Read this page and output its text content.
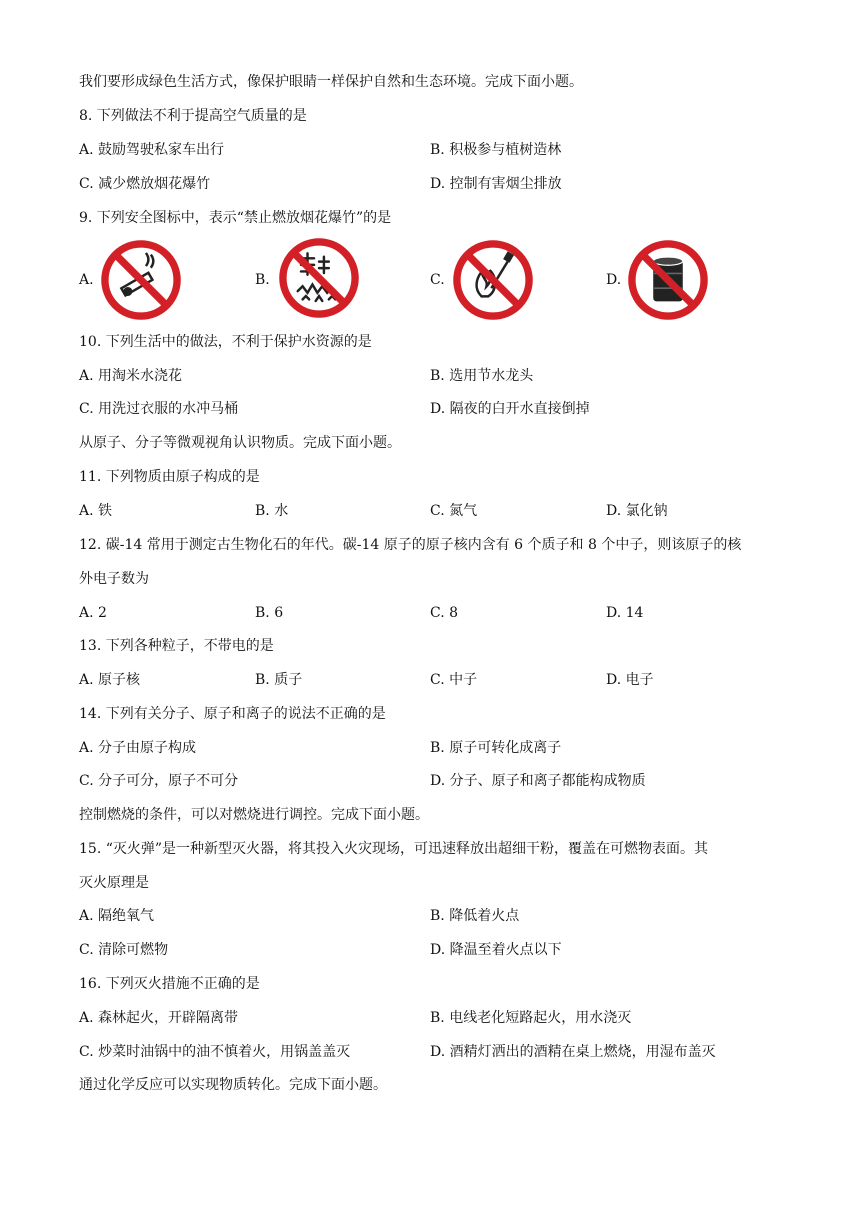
我们要形成绿色生活方式，像保护眼睛一样保护自然和生态环境。完成下面小题。
8. 下列做法不利于提高空气质量的是
A. 鼓励驾驶私家车出行	B. 积极参与植树造林
C. 减少燃放烟花爆竹	D. 控制有害烟尘排放
9. 下列安全图标中，表示“禁止燃放烟花爆竹”的是
A.	B.	C.	D.
10. 下列生活中的做法，不利于保护水资源的是
A. 用淘米水浇花	B. 选用节水龙头
C. 用洗过衣服的水冲马桶	D. 隔夜的白开水直接倒掉
从原子、分子等微观视角认识物质。完成下面小题。
11. 下列物质由原子构成的是
A. 铁	B. 水	C. 氮气	D. 氯化钠
12. 碳-14 常用于测定古生物化石的年代。碳-14 原子的原子核内含有 6 个质子和 8 个中子，则该原子的核
外电子数为
A. 2	B. 6	C. 8	D. 14
13. 下列各种粒子，不带电的是
A. 原子核	B. 质子	C. 中子	D. 电子
14. 下列有关分子、原子和离子的说法不正确的是
A. 分子由原子构成	B. 原子可转化成离子
C. 分子可分，原子不可分	D. 分子、原子和离子都能构成物质
控制燃烧的条件，可以对燃烧进行调控。完成下面小题。
15. “灭火弹”是一种新型灭火器，将其投入火灾现场，可迅速释放出超细干粉，覆盖在可燃物表面。其
灭火原理是
A. 隔绝氧气	B. 降低着火点
C. 清除可燃物	D. 降温至着火点以下
16. 下列灭火措施不正确的是
A. 森林起火，开辟隔离带	B. 电线老化短路起火，用水浇灭
C. 炒菜时油锅中的油不慎着火，用锅盖盖灭	D. 酒精灯洒出的酒精在桌上燃烧，用湿布盖灭
通过化学反应可以实现物质转化。完成下面小题。
